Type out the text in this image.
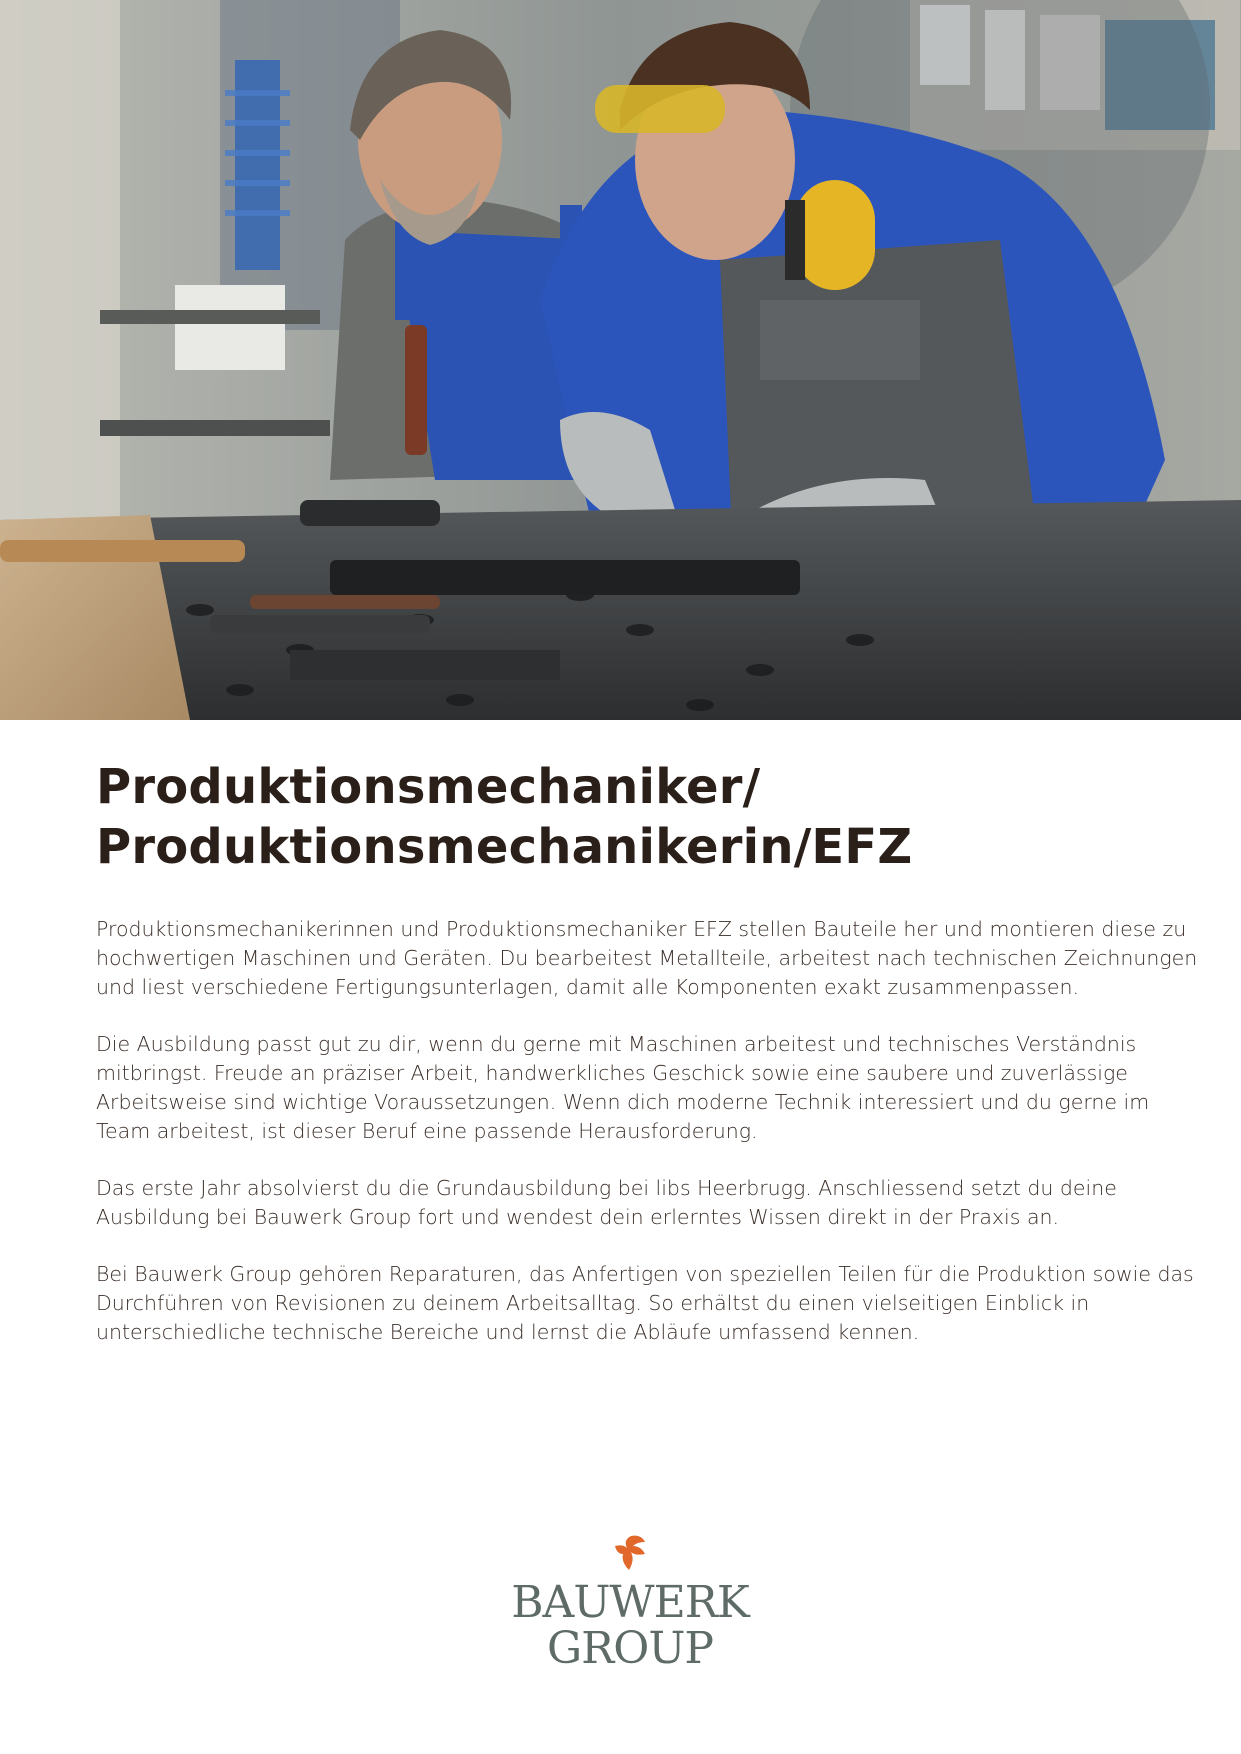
Produktionsmechaniker/
Produktionsmechanikerin/EFZ

Produktionsmechanikerinnen und Produktionsmechaniker EFZ stellen Bauteile her und montieren diese zu hochwertigen Maschinen und Geräten. Du bearbeitest Metallteile, arbeitest nach technischen Zeichnungen und liest verschiedene Fertigungsunterlagen, damit alle Komponenten exakt zusammenpassen.

Die Ausbildung passt gut zu dir, wenn du gerne mit Maschinen arbeitest und technisches Verständnis mitbringst. Freude an präziser Arbeit, handwerkliches Geschick sowie eine saubere und zuverlässige Arbeitsweise sind wichtige Voraussetzungen. Wenn dich moderne Technik interessiert und du gerne im Team arbeitest, ist dieser Beruf eine passende Herausforderung.

Das erste Jahr absolvierst du die Grundausbildung bei libs Heerbrugg. Anschliessend setzt du deine Ausbildung bei Bauwerk Group fort und wendest dein erlerntes Wissen direkt in der Praxis an.

Bei Bauwerk Group gehören Reparaturen, das Anfertigen von speziellen Teilen für die Produktion sowie das Durchführen von Revisionen zu deinem Arbeitsalltag. So erhältst du einen vielseitigen Einblick in unterschiedliche technische Bereiche und lernst die Abläufe umfassend kennen.

BAUWERK
GROUP
